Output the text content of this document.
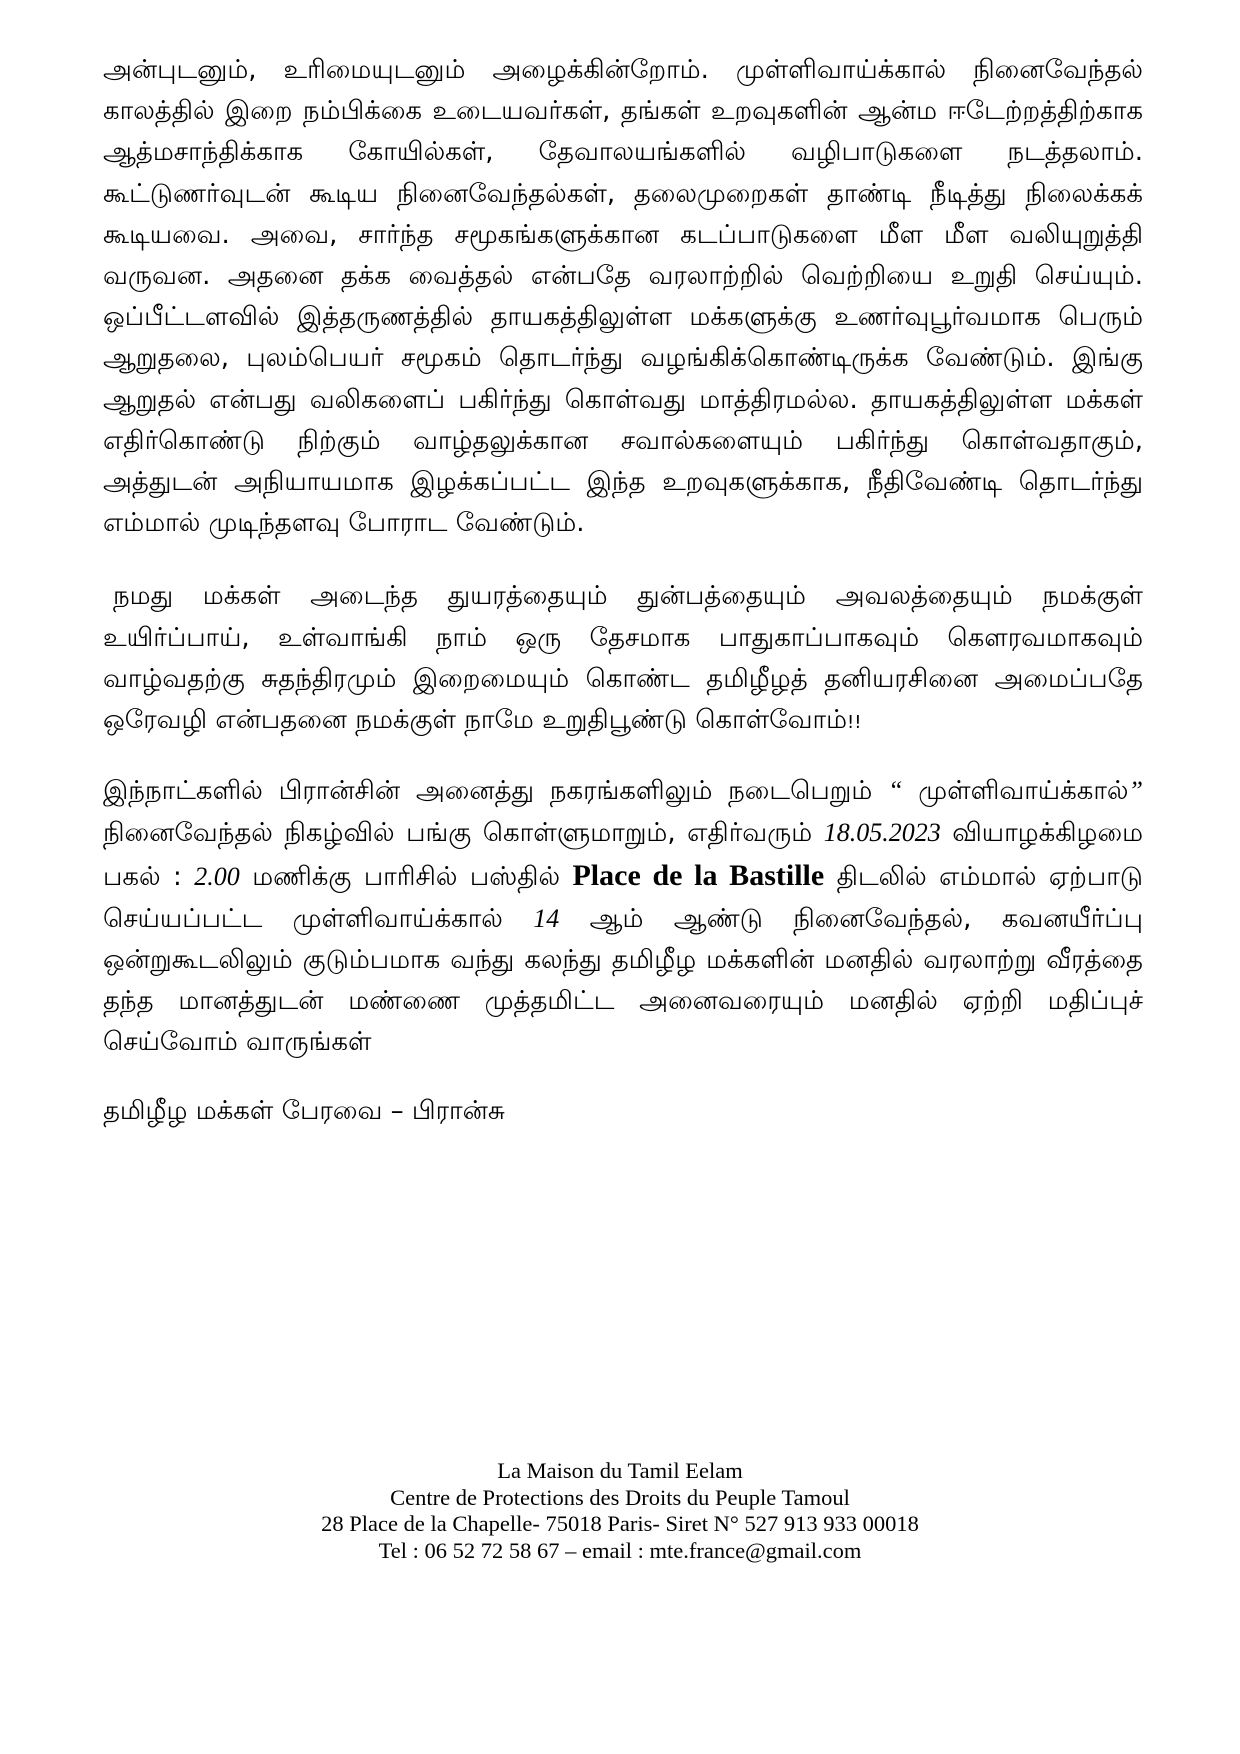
அன்புடனும், உரிமையுடனும் அழைக்கின்றோம். முள்ளிவாய்க்கால் நினைவேந்தல் காலத்தில் இறை நம்பிக்கை உடையவர்கள், தங்கள் உறவுகளின் ஆன்ம ஈடேற்றத்திற்காக ஆத்மசாந்திக்காக கோயில்கள், தேவாலயங்களில் வழிபாடுகளை நடத்தலாம். கூட்டுணர்வுடன் கூடிய நினைவேந்தல்கள், தலைமுறைகள் தாண்டி நீடித்து நிலைக்கக் கூடியவை. அவை, சார்ந்த சமூகங்களுக்கான கடப்பாடுகளை மீள மீள வலியுறுத்தி வருவன. அதனை தக்க வைத்தல் என்பதே வரலாற்றில் வெற்றியை உறுதி செய்யும். ஒப்பீட்டளவில் இத்தருணத்தில் தாயகத்திலுள்ள மக்களுக்கு உணர்வுபூர்வமாக பெரும் ஆறுதலை, புலம்பெயர் சமூகம் தொடர்ந்து வழங்கிக்கொண்டிருக்க வேண்டும். இங்கு ஆறுதல் என்பது வலிகளைப் பகிர்ந்து கொள்வது மாத்திரமல்ல. தாயகத்திலுள்ள மக்கள் எதிர்கொண்டு நிற்கும் வாழ்தலுக்கான சவால்களையும் பகிர்ந்து கொள்வதாகும், அத்துடன் அநியாயமாக இழக்கப்பட்ட இந்த உறவுகளுக்காக, நீதிவேண்டி தொடர்ந்து எம்மால் முடிந்தளவு போராட வேண்டும்.

நமது மக்கள் அடைந்த துயரத்தையும் துன்பத்தையும் அவலத்தையும் நமக்குள் உயிர்ப்பாய், உள்வாங்கி நாம் ஒரு தேசமாக பாதுகாப்பாகவும் கௌரவமாகவும் வாழ்வதற்கு சுதந்திரமும் இறைமையும் கொண்ட தமிழீழத் தனியரசினை அமைப்பதே ஒரேவழி என்பதனை நமக்குள் நாமே உறுதிபூண்டு கொள்வோம்!!

இந்நாட்களில் பிரான்சின் அனைத்து நகரங்களிலும் நடைபெறும் “ முள்ளிவாய்க்கால்” நினைவேந்தல் நிகழ்வில் பங்கு கொள்ளுமாறும், எதிர்வரும் 18.05.2023 வியாழக்கிழமை பகல் : 2.00 மணிக்கு பாரிசில் பஸ்தில் Place de la Bastille திடலில் எம்மால் ஏற்பாடு செய்யப்பட்ட முள்ளிவாய்க்கால் 14 ஆம் ஆண்டு நினைவேந்தல், கவனயீர்ப்பு ஒன்றுகூடலிலும் குடும்பமாக வந்து கலந்து தமிழீழ மக்களின் மனதில் வரலாற்று வீரத்தை தந்த மானத்துடன் மண்ணை முத்தமிட்ட அனைவரையும் மனதில் ஏற்றி மதிப்புச் செய்வோம் வாருங்கள்

தமிழீழ மக்கள் பேரவை – பிரான்சு

La Maison du Tamil Eelam
Centre de Protections des Droits du Peuple Tamoul
28 Place de la Chapelle- 75018 Paris- Siret N° 527 913 933 00018
Tel : 06 52 72 58 67 – email : mte.france@gmail.com
